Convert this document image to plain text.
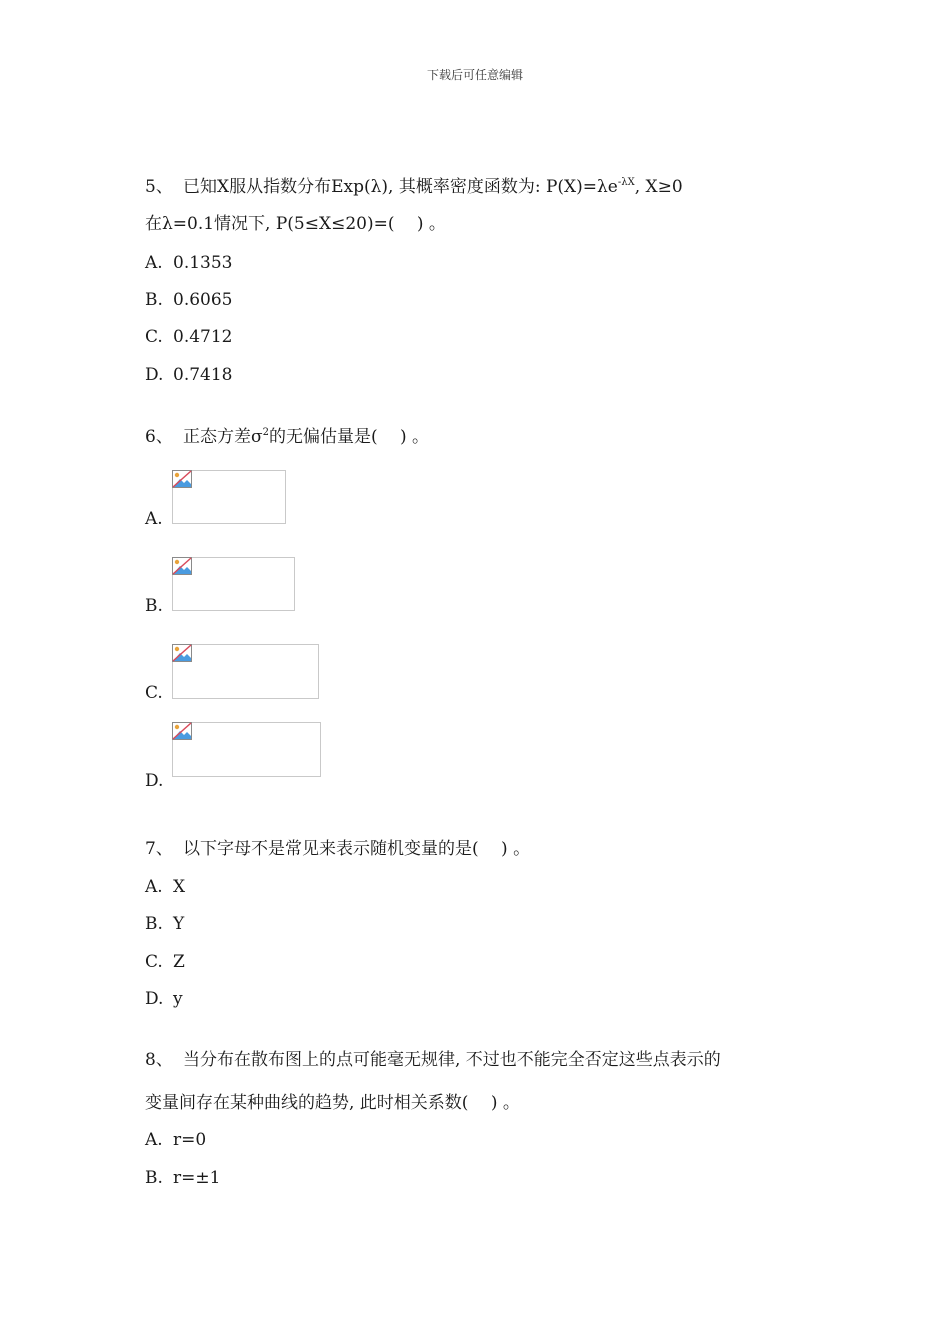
下载后可任意编辑
5、 已知X服从指数分布Exp(λ), 其概率密度函数为: $P(X)=\lambda e^{-\lambda X}$, X≥0
在λ=0.1情况下, P(5≤X≤20)=(　 ) 。
A. 0.1353
B. 0.6065
C. 0.4712
D. 0.7418
6、 正态方差$\sigma^2$的无偏估量是(　 ) 。
A.
B.
C.
D.
7、 以下字母不是常见来表示随机变量的是(　 ) 。
A. X
B. Y
C. Z
D. y
8、 当分布在散布图上的点可能毫无规律, 不过也不能完全否定这些点表示的
变量间存在某种曲线的趋势, 此时相关系数(　 ) 。
A. r=0
B. r=±1
